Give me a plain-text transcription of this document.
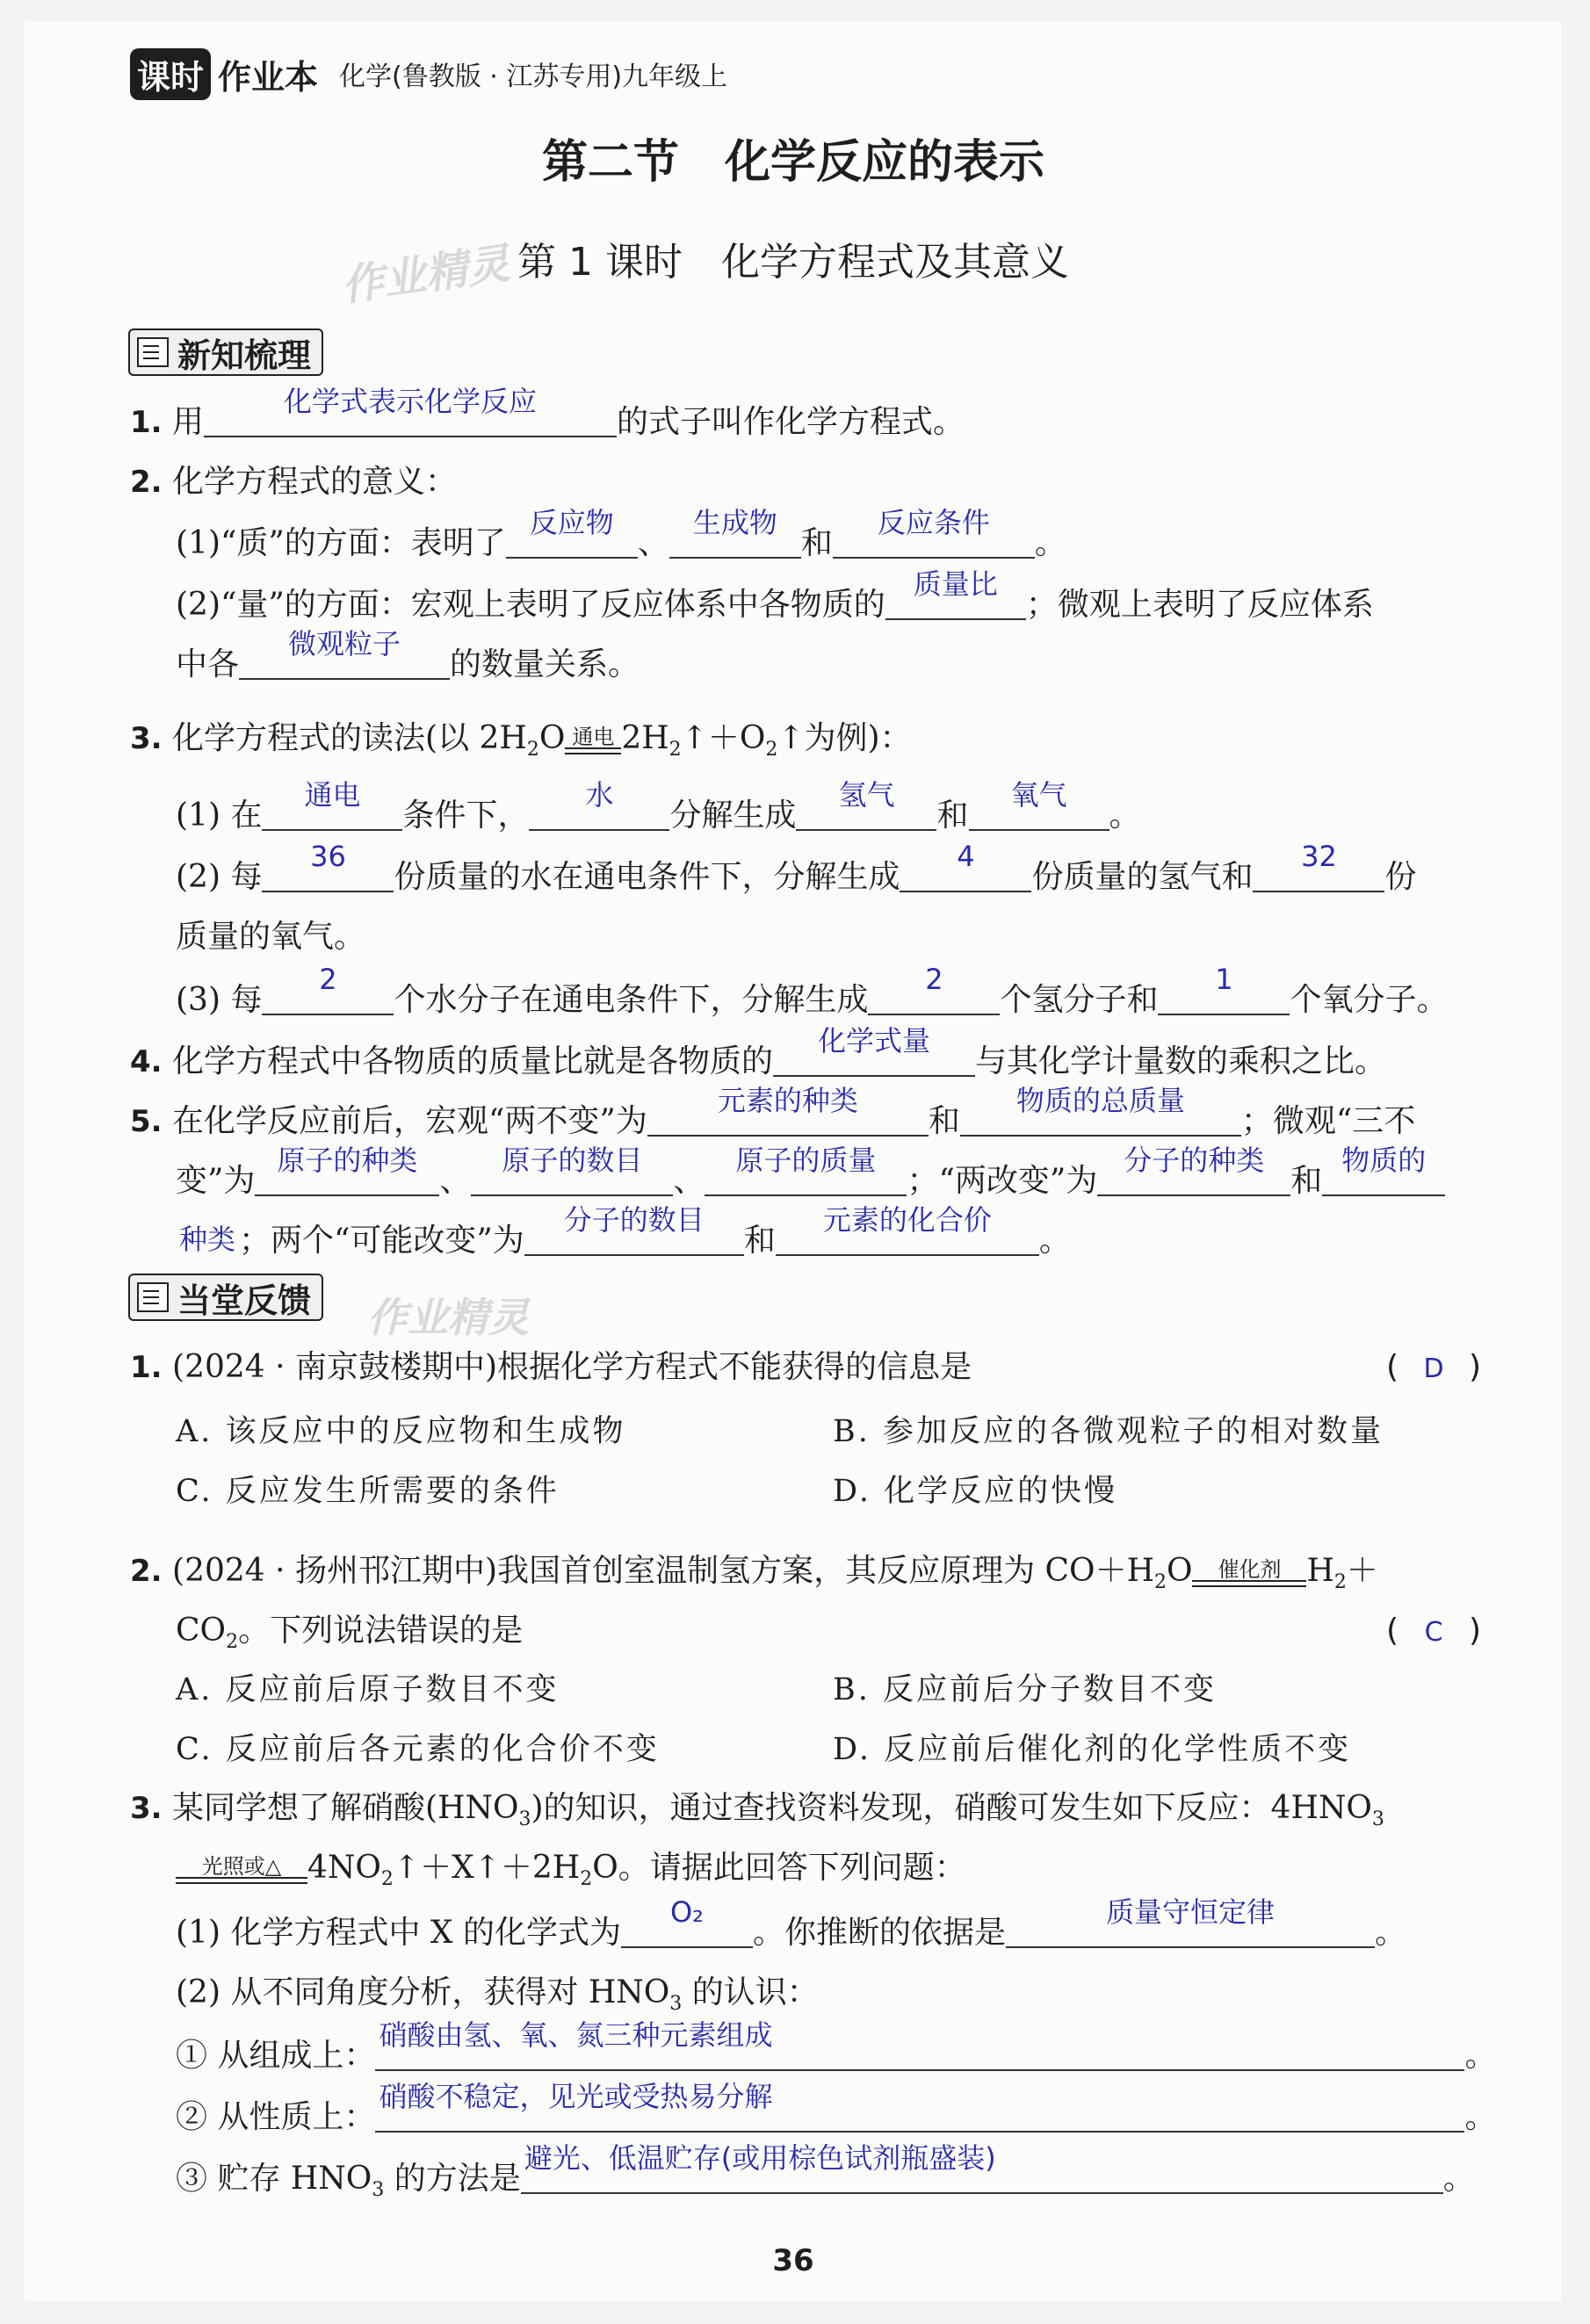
课时 作业本 化学(鲁教版 · 江苏专用)九年级上
第二节　化学反应的表示
作业精灵 第 1 课时　化学方程式及其意义
新知梳理
1. 用
化学式表示化学反应
的式子叫作化学方程式。
2. 化学方程式的意义：
(1)“质”的方面：表明了
反应物
、
生成物
和
反应条件
。
(2)“量”的方面：宏观上表明了反应体系中各物质的
质量比
；微观上表明了反应体系
中各
微观粒子
的数量关系。
3. 化学方程式的读法(以 $2H_2O$ 通电 $2H_2↑+O_2↑$为例)：
(1) 在
通电
条件下，
水
分解生成
氢气
和
氧气
。
(2) 每
36
份质量的水在通电条件下，分解生成
4
份质量的氢气和
32
份
质量的氧气。
(3) 每
2
个水分子在通电条件下，分解生成
2
个氢分子和
1
个氧分子。
4. 化学方程式中各物质的质量比就是各物质的
化学式量
与其化学计量数的乘积之比。
5. 在化学反应前后，宏观“两不变”为
元素的种类
和
物质的总质量
；微观“三不
变”为
原子的种类
、
原子的数目
、
原子的质量
；“两改变”为
分子的种类
和
物质的
种类 ；两个“可能改变”为
分子的数目
和
元素的化合价
。
当堂反馈 作业精灵
1. (2024 · 南京鼓楼期中)根据化学方程式不能获得的信息是	( D )
A. 该反应中的反应物和生成物	B. 参加反应的各微观粒子的相对数量
C. 反应发生所需要的条件	D. 化学反应的快慢
2. (2024 · 扬州邗江期中)我国首创室温制氢方案，其反应原理为 $CO+H_2O$	催化剂 $H_2+$
$CO_2$。下列说法错误的是	( C )
A. 反应前后原子数目不变	B. 反应前后分子数目不变
C. 反应前后各元素的化合价不变	D. 反应前后催化剂的化学性质不变
3. 某同学想了解硝酸$(HNO_3)$的知识，通过查找资料发现，硝酸可发生如下反应：$4HNO_3$
光照或△ $4NO_2↑+X↑+2H_2O$。请据此回答下列问题：
(1) 化学方程式中 X 的化学式为
O₂
。你推断的依据是
质量守恒定律
。
(2) 从不同角度分析，获得对 $HNO_3$ 的认识：
① 从组成上：
硝酸由氢、氧、氮三种元素组成
。
② 从性质上：
硝酸不稳定，见光或受热易分解
。
③ 贮存 $HNO_3$ 的方法是
避光、低温贮存(或用棕色试剂瓶盛装)
。
36
